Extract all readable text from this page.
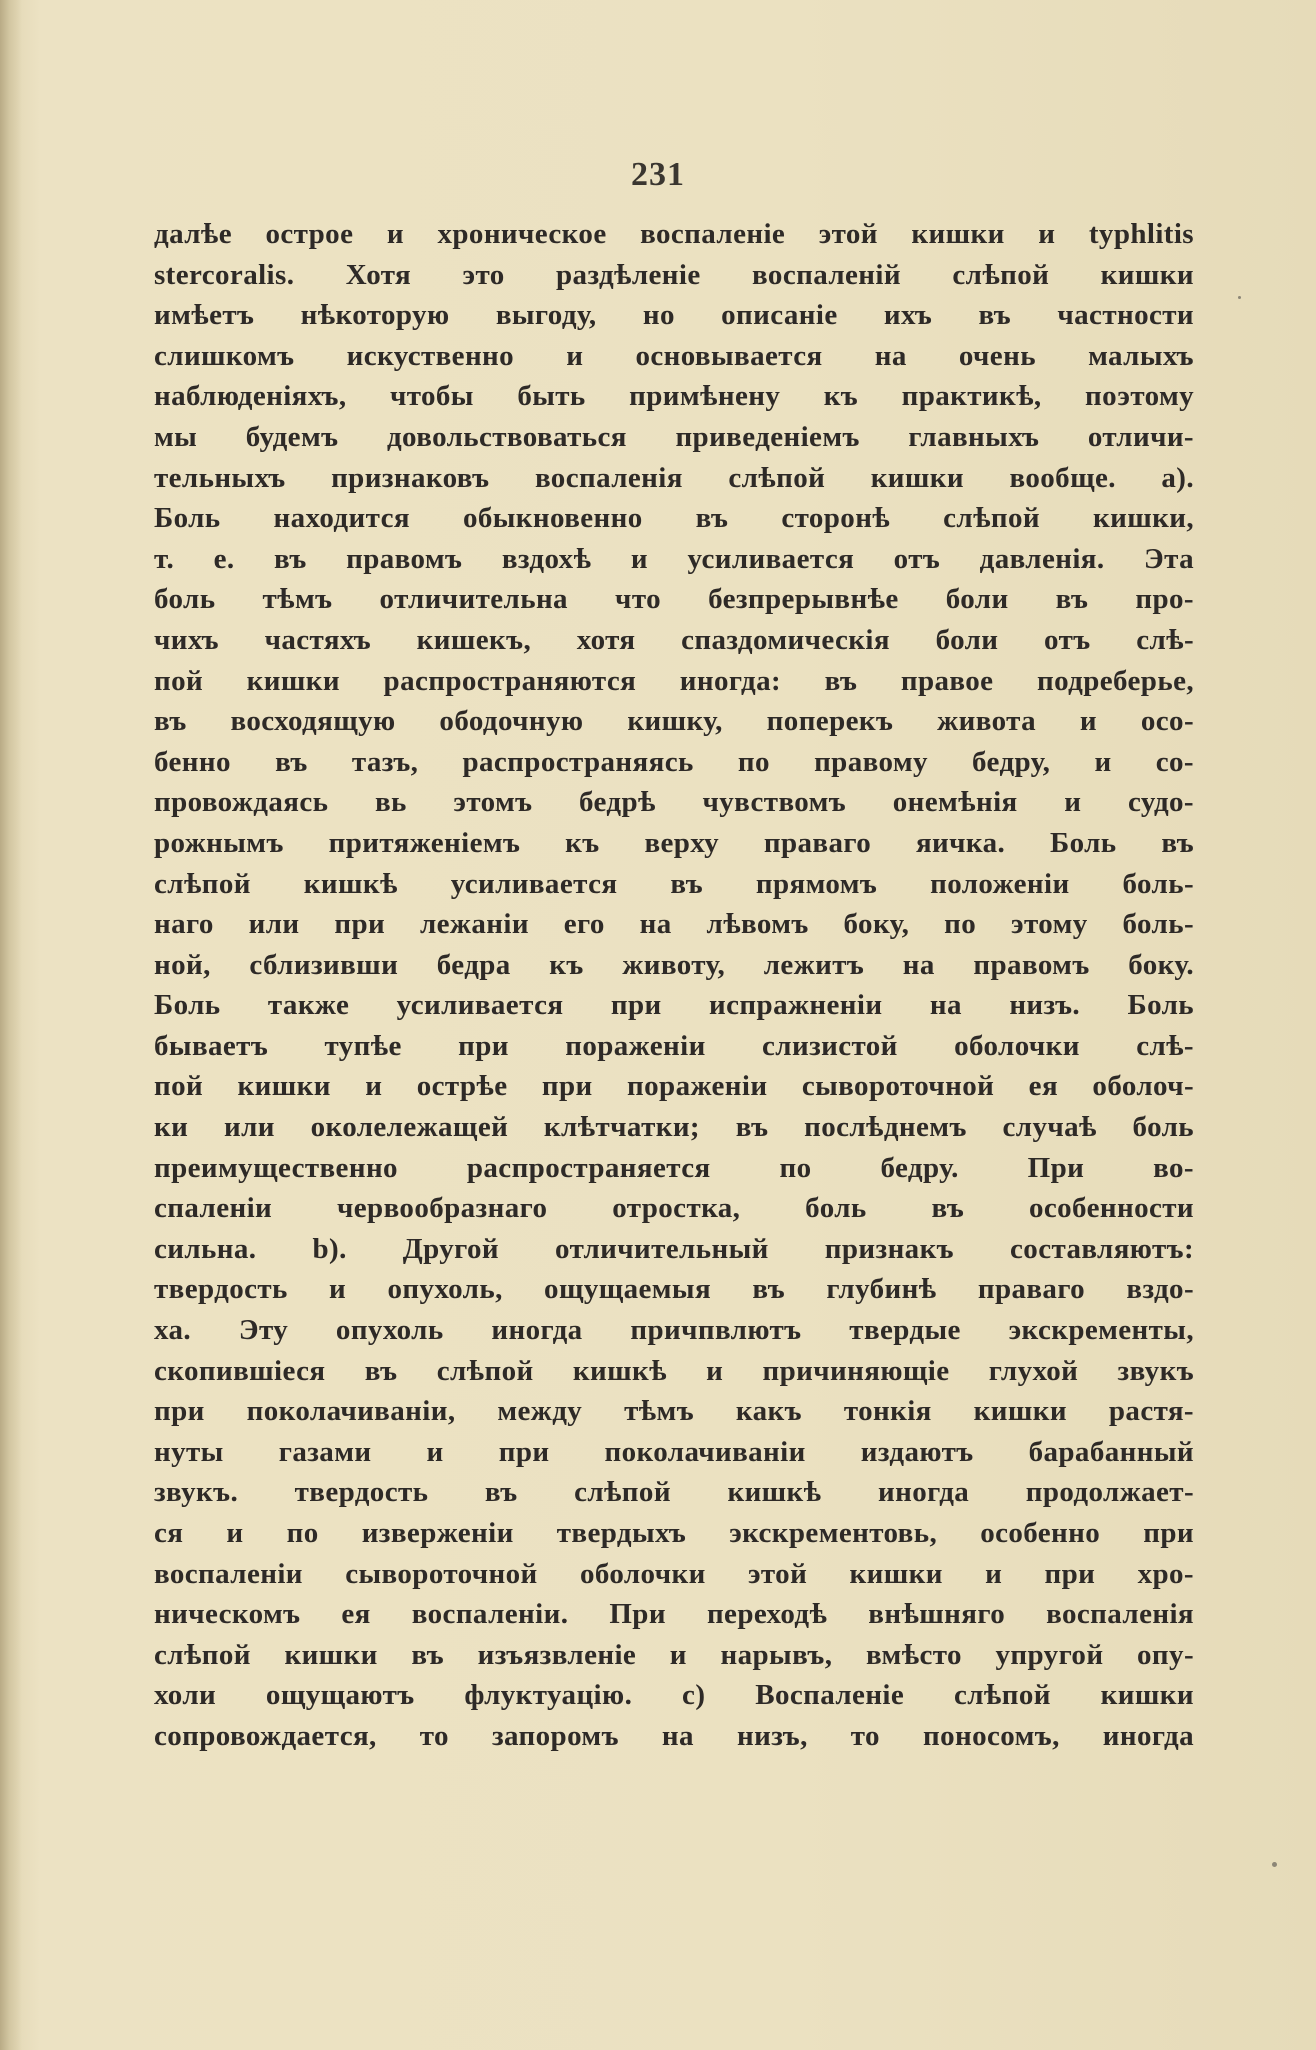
231
далѣе острое и хроническое воспаленіе этой кишки и typhlitis
stercoralis. Хотя это раздѣленіе воспаленій слѣпой кишки
имѣетъ нѣкоторую выгоду, но описаніе ихъ въ частности
слишкомъ искуственно и основывается на очень малыхъ
наблюденіяхъ, чтобы быть примѣнену къ практикѣ, поэтому
мы будемъ довольствоваться приведеніемъ главныхъ отличи-
тельныхъ признаковъ воспаленія слѣпой кишки вообще. a).
Боль находится обыкновенно въ сторонѣ слѣпой кишки,
т. е. въ правомъ вздохѣ и усиливается отъ давленія. Эта
боль тѣмъ отличительна что безпрерывнѣе боли въ про-
чихъ частяхъ кишекъ, хотя спаздомическія боли отъ слѣ-
пой кишки распространяются иногда: въ правое подреберье,
въ восходящую ободочную кишку, поперекъ живота и осо-
бенно въ тазъ, распространяясь по правому бедру, и со-
провождаясь вь этомъ бедрѣ чувствомъ онемѣнія и судо-
рожнымъ притяженіемъ къ верху праваго яичка. Боль въ
слѣпой кишкѣ усиливается въ прямомъ положеніи боль-
наго или при лежаніи его на лѣвомъ боку, по этому боль-
ной, сблизивши бедра къ животу, лежитъ на правомъ боку.
Боль также усиливается при испражненіи на низъ. Боль
бываетъ тупѣе при пораженіи слизистой оболочки слѣ-
пой кишки и острѣе при пораженіи сывороточной ея оболоч-
ки или околележащей клѣтчатки; въ послѣднемъ случаѣ боль
преимущественно распространяется по бедру. При во-
спаленіи червообразнаго отростка, боль въ особенности
сильна. b). Другой отличительный признакъ составляютъ:
твердость и опухоль, ощущаемыя въ глубинѣ праваго вздо-
ха. Эту опухоль иногда причпвлютъ твердые экскременты,
скопившіеся въ слѣпой кишкѣ и причиняющіе глухой звукъ
при поколачиваніи, между тѣмъ какъ тонкія кишки растя-
нуты газами и при поколачиваніи издаютъ барабанный
звукъ. твердость въ слѣпой кишкѣ иногда продолжает-
ся и по изверженіи твердыхъ экскрементовь, особенно при
воспаленіи сывороточной оболочки этой кишки и при хро-
ническомъ ея воспаленіи. При переходѣ внѣшняго воспаленія
слѣпой кишки въ изъязвленіе и нарывъ, вмѣсто упругой опу-
холи ощущаютъ флуктуацію. c) Воспаленіе слѣпой кишки
сопровождается, то запоромъ на низъ, то поносомъ, иногда
